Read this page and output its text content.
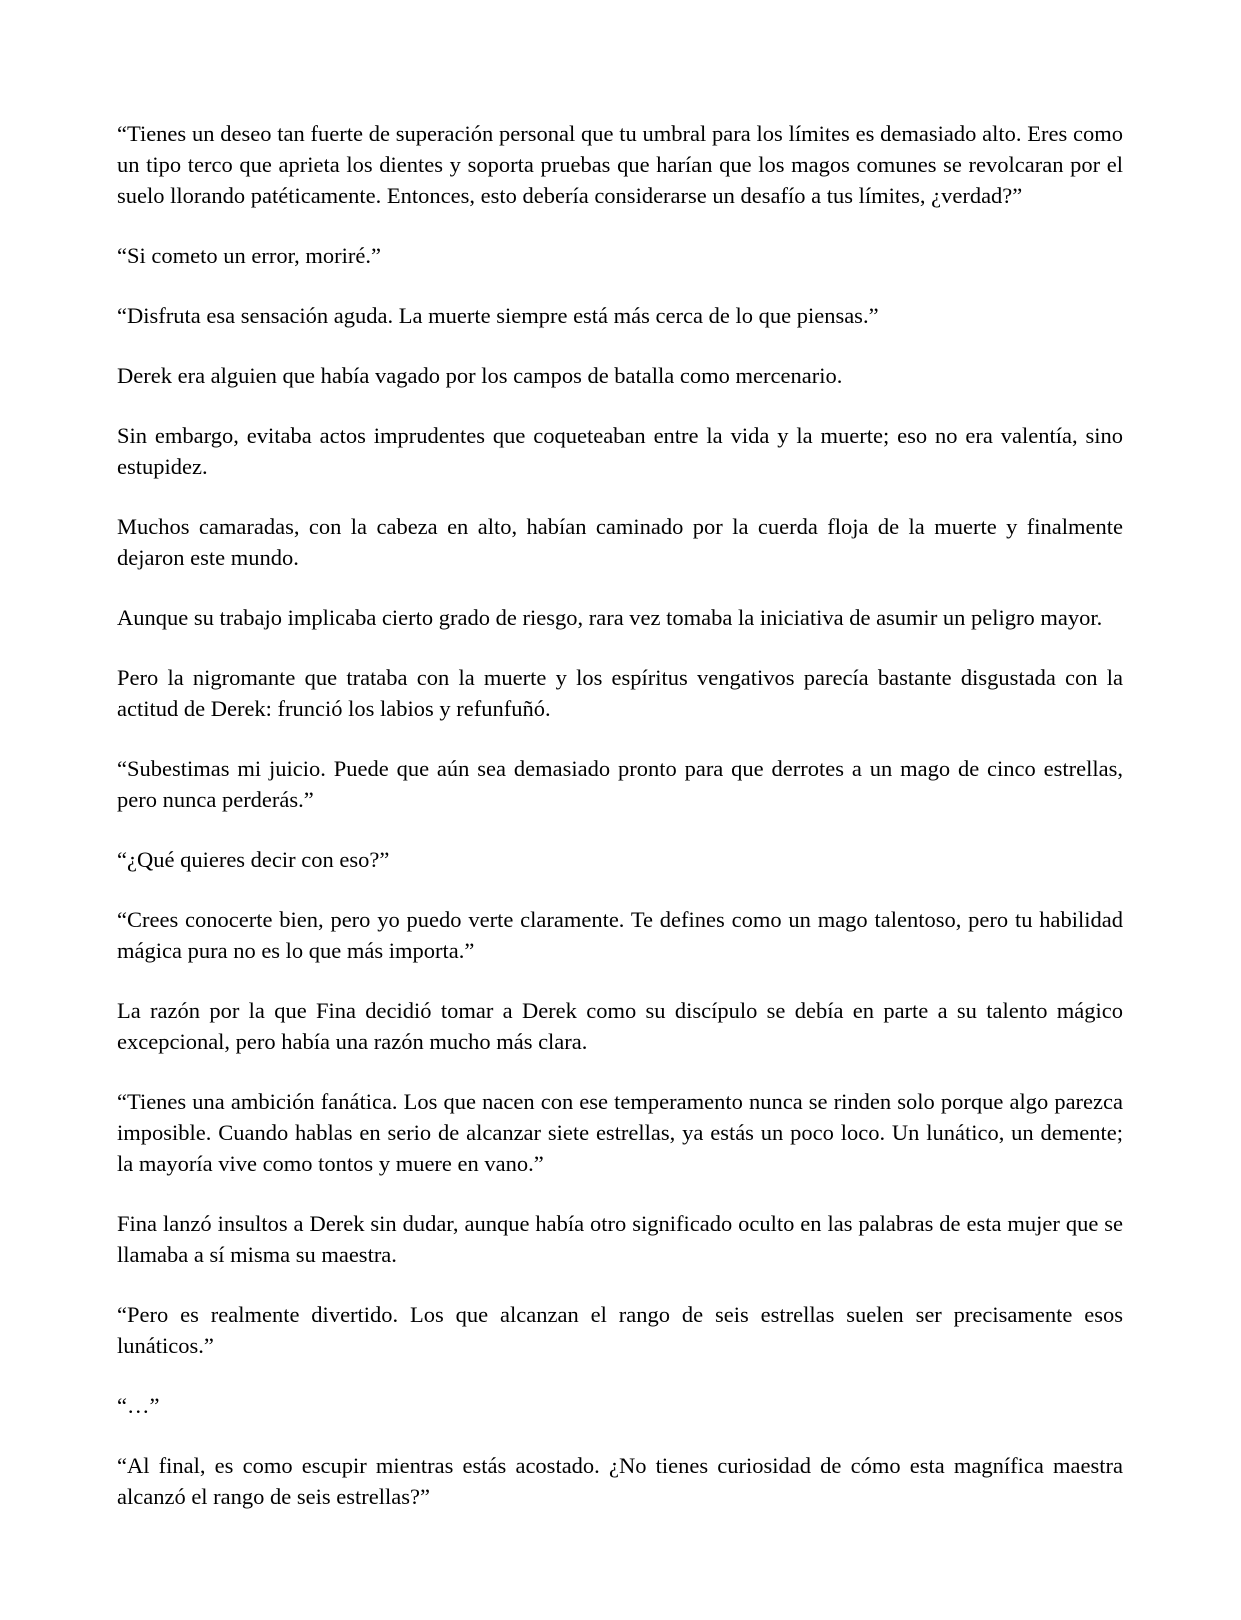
“Tienes un deseo tan fuerte de superación personal que tu umbral para los límites es demasiado alto. Eres como un tipo terco que aprieta los dientes y soporta pruebas que harían que los magos comunes se revolcaran por el suelo llorando patéticamente. Entonces, esto debería considerarse un desafío a tus límites, ¿verdad?”

“Si cometo un error, moriré.”

“Disfruta esa sensación aguda. La muerte siempre está más cerca de lo que piensas.”

Derek era alguien que había vagado por los campos de batalla como mercenario.

Sin embargo, evitaba actos imprudentes que coqueteaban entre la vida y la muerte; eso no era valentía, sino estupidez.

Muchos camaradas, con la cabeza en alto, habían caminado por la cuerda floja de la muerte y finalmente dejaron este mundo.

Aunque su trabajo implicaba cierto grado de riesgo, rara vez tomaba la iniciativa de asumir un peligro mayor.

Pero la nigromante que trataba con la muerte y los espíritus vengativos parecía bastante disgustada con la actitud de Derek: frunció los labios y refunfuñó.

“Subestimas mi juicio. Puede que aún sea demasiado pronto para que derrotes a un mago de cinco estrellas, pero nunca perderás.”

“¿Qué quieres decir con eso?”

“Crees conocerte bien, pero yo puedo verte claramente. Te defines como un mago talentoso, pero tu habilidad mágica pura no es lo que más importa.”

La razón por la que Fina decidió tomar a Derek como su discípulo se debía en parte a su talento mágico excepcional, pero había una razón mucho más clara.

“Tienes una ambición fanática. Los que nacen con ese temperamento nunca se rinden solo porque algo parezca imposible. Cuando hablas en serio de alcanzar siete estrellas, ya estás un poco loco. Un lunático, un demente; la mayoría vive como tontos y muere en vano.”

Fina lanzó insultos a Derek sin dudar, aunque había otro significado oculto en las palabras de esta mujer que se llamaba a sí misma su maestra.

“Pero es realmente divertido. Los que alcanzan el rango de seis estrellas suelen ser precisamente esos lunáticos.”

“…”

“Al final, es como escupir mientras estás acostado. ¿No tienes curiosidad de cómo esta magnífica maestra alcanzó el rango de seis estrellas?”
